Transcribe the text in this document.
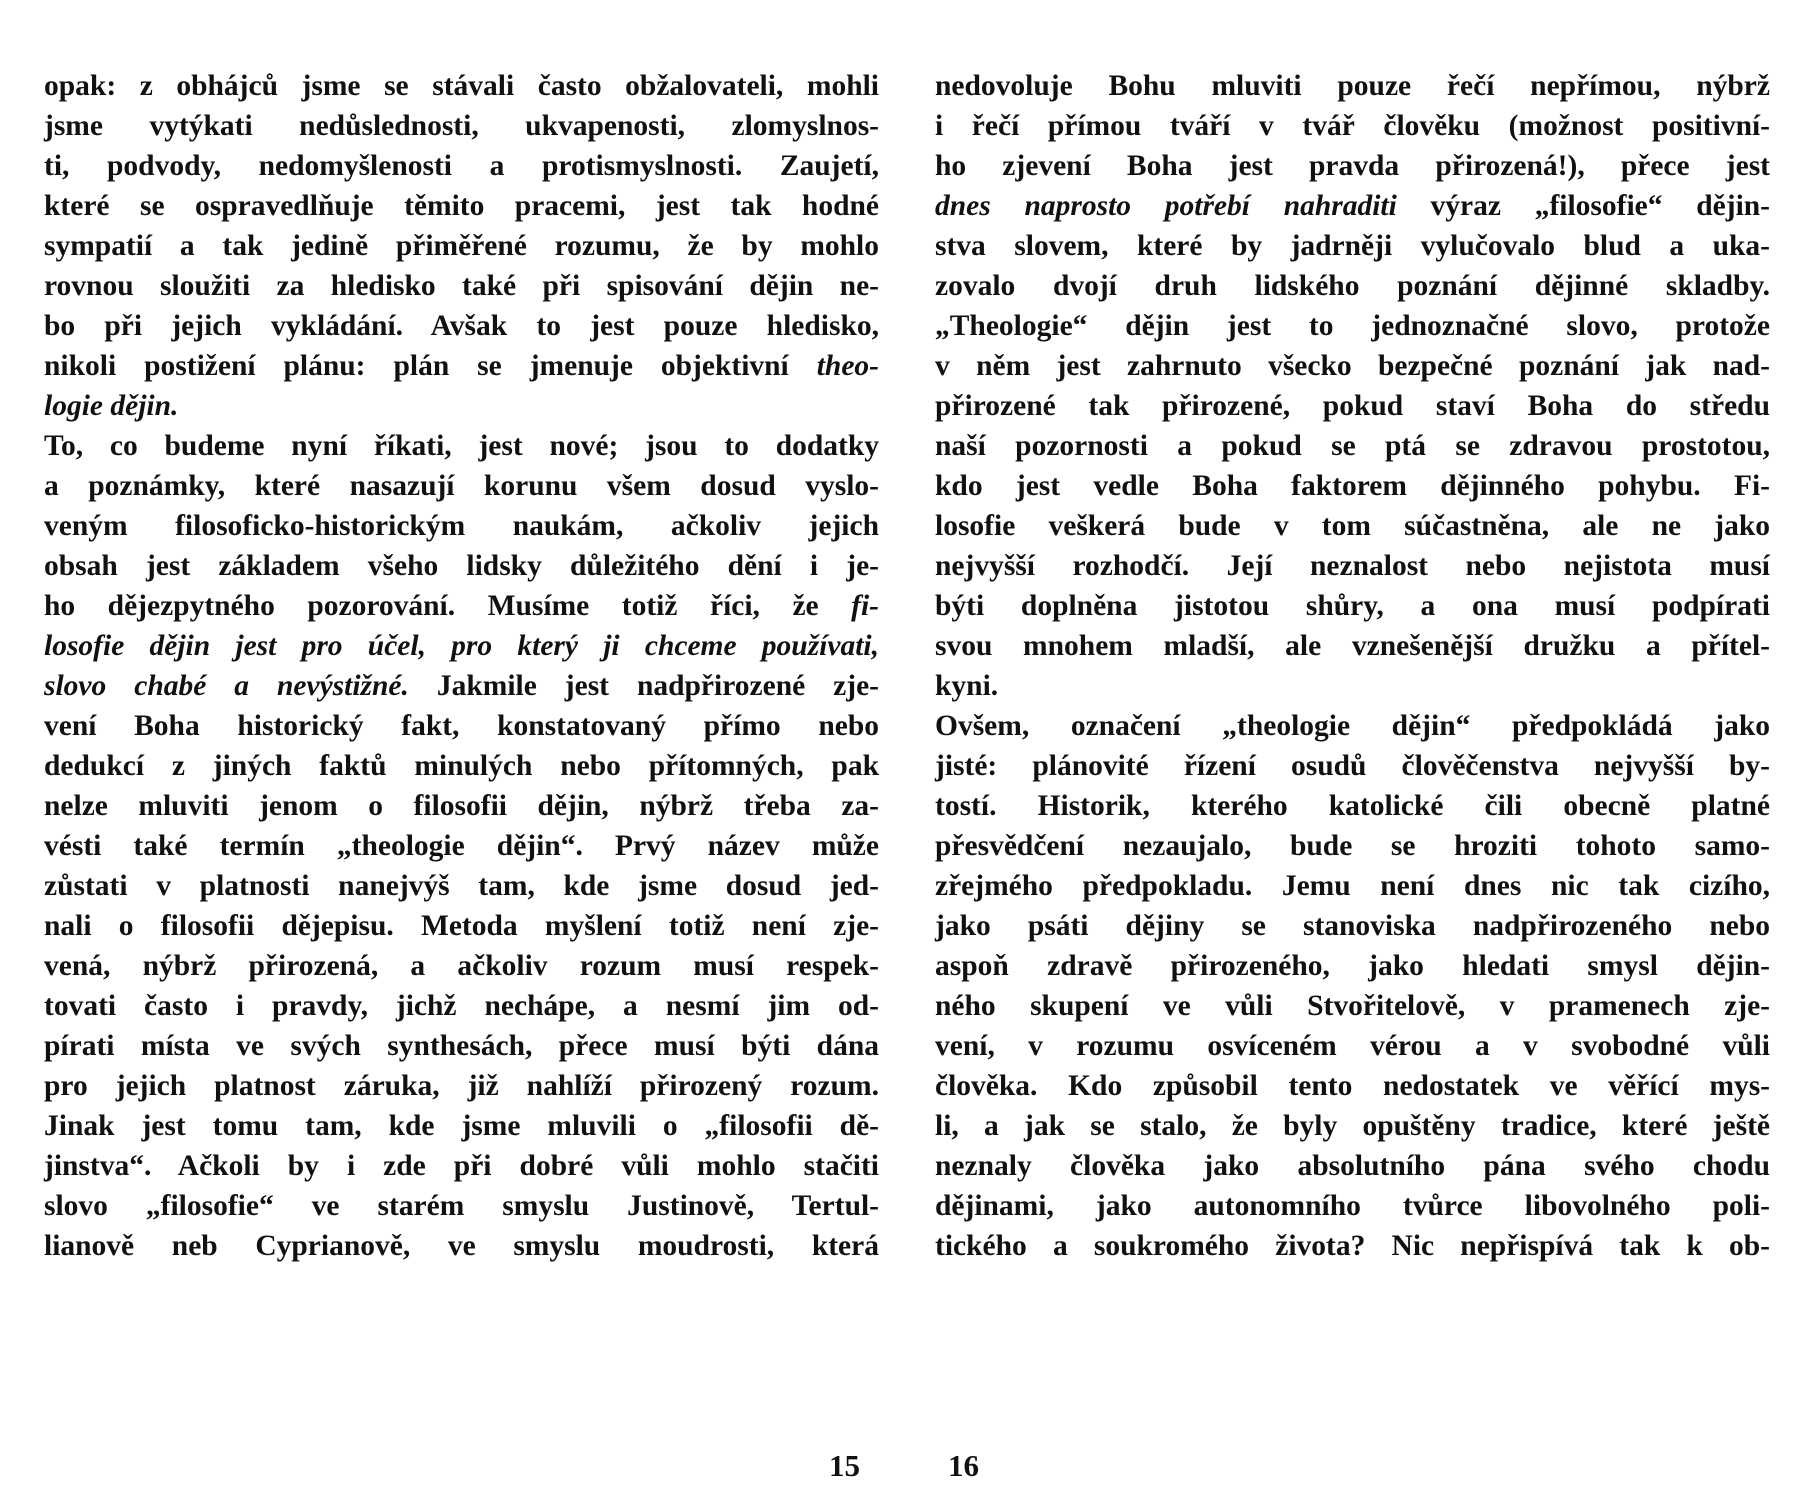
opak: z obhájců jsme se stávali často obžalovateli, mohli
jsme vytýkati nedůslednosti, ukvapenosti, zlomyslnos-
ti, podvody, nedomyšlenosti a protismyslnosti. Zaujetí,
které se ospravedlňuje těmito pracemi, jest tak hodné
sympatií a tak jedině přiměřené rozumu, že by mohlo
rovnou sloužiti za hledisko také při spisování dějin ne-
bo při jejich vykládání. Avšak to jest pouze hledisko,
nikoli postižení plánu: plán se jmenuje objektivní theo-
logie dějin.
To, co budeme nyní říkati, jest nové; jsou to dodatky
a poznámky, které nasazují korunu všem dosud vyslo-
veným filosoficko-historickým naukám, ačkoliv jejich
obsah jest základem všeho lidsky důležitého dění i je-
ho dějezpytného pozorování. Musíme totiž říci, že fi-
losofie dějin jest pro účel, pro který ji chceme používati,
slovo chabé a nevýstižné. Jakmile jest nadpřirozené zje-
vení Boha historický fakt, konstatovaný přímo nebo
dedukcí z jiných faktů minulých nebo přítomných, pak
nelze mluviti jenom o filosofii dějin, nýbrž třeba za-
vésti také termín „theologie dějin“. Prvý název může
zůstati v platnosti nanejvýš tam, kde jsme dosud jed-
nali o filosofii dějepisu. Metoda myšlení totiž není zje-
vená, nýbrž přirozená, a ačkoliv rozum musí respek-
tovati často i pravdy, jichž nechápe, a nesmí jim od-
pírati místa ve svých synthesách, přece musí býti dána
pro jejich platnost záruka, již nahlíží přirozený rozum.
Jinak jest tomu tam, kde jsme mluvili o „filosofii dě-
jinstva“. Ačkoli by i zde při dobré vůli mohlo stačiti
slovo „filosofie“ ve starém smyslu Justinově, Tertul-
lianově neb Cyprianově, ve smyslu moudrosti, která
nedovoluje Bohu mluviti pouze řečí nepřímou, nýbrž
i řečí přímou tváří v tvář člověku (možnost positivní-
ho zjevení Boha jest pravda přirozená!), přece jest
dnes naprosto potřebí nahraditi výraz „filosofie“ dějin-
stva slovem, které by jadrněji vylučovalo blud a uka-
zovalo dvojí druh lidského poznání dějinné skladby.
„Theologie“ dějin jest to jednoznačné slovo, protože
v něm jest zahrnuto všecko bezpečné poznání jak nad-
přirozené tak přirozené, pokud staví Boha do středu
naší pozornosti a pokud se ptá se zdravou prostotou,
kdo jest vedle Boha faktorem dějinného pohybu. Fi-
losofie veškerá bude v tom súčastněna, ale ne jako
nejvyšší rozhodčí. Její neznalost nebo nejistota musí
býti doplněna jistotou shůry, a ona musí podpírati
svou mnohem mladší, ale vznešenější družku a přítel-
kyni.
Ovšem, označení „theologie dějin“ předpokládá jako
jisté: plánovité řízení osudů člověčenstva nejvyšší by-
tostí. Historik, kterého katolické čili obecně platné
přesvědčení nezaujalo, bude se hroziti tohoto samo-
zřejmého předpokladu. Jemu není dnes nic tak cizího,
jako psáti dějiny se stanoviska nadpřirozeného nebo
aspoň zdravě přirozeného, jako hledati smysl dějin-
ného skupení ve vůli Stvořitelově, v pramenech zje-
vení, v rozumu osvíceném vérou a v svobodné vůli
člověka. Kdo způsobil tento nedostatek ve věřící mys-
li, a jak se stalo, že byly opuštěny tradice, které ještě
neznaly člověka jako absolutního pána svého chodu
dějinami, jako autonomního tvůrce libovolného poli-
tického a soukromého života? Nic nepřispívá tak k ob-
15	16
